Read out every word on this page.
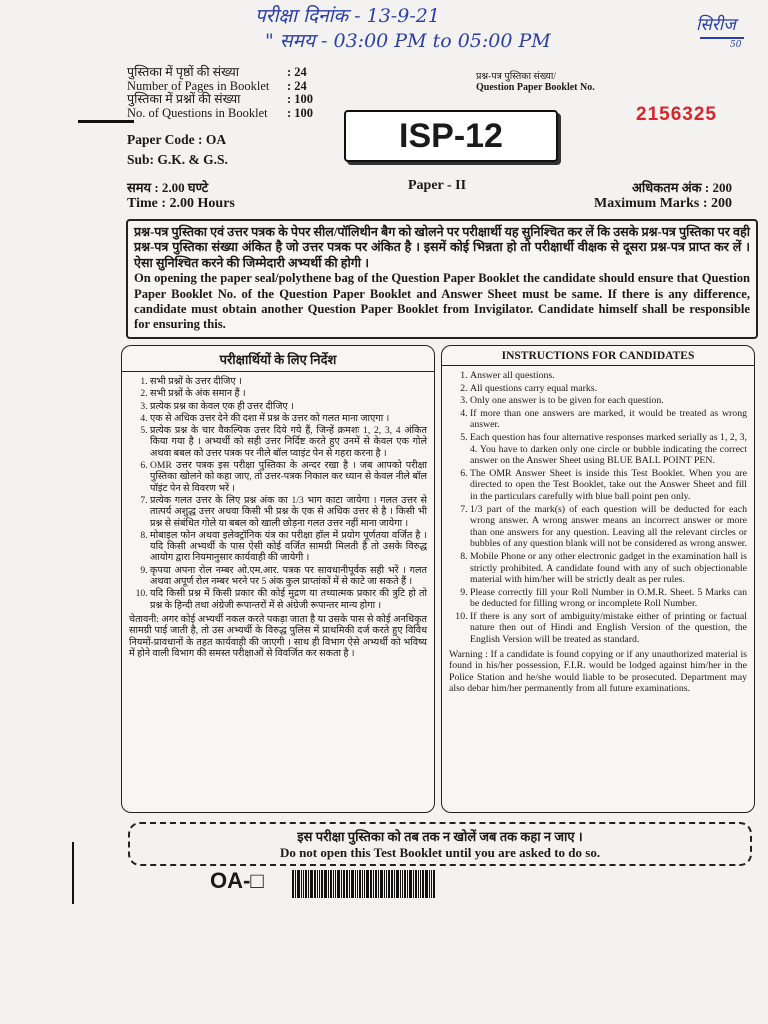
परीक्षा दिनांक - 13-9-21
" समय - 03:00 PM to 05:00 PM
सिरीज
50
पुस्तिका में पृष्ठों की संख्या	: 24
Number of Pages in Booklet	: 24
पुस्तिका में प्रश्नों की संख्या	: 100
No. of Questions in Booklet	: 100
Paper Code : OA
Sub: G.K. & G.S.
समय : 2.00 घण्टे
Time : 2.00 Hours
ISP-12
Paper - II
प्रश्न-पत्र पुस्तिका संख्या/
Question Paper Booklet No.
2156325
अधिकतम अंक : 200
Maximum Marks : 200
प्रश्न-पत्र पुस्तिका एवं उत्तर पत्रक के पेपर सील/पॉलिथीन बैग को खोलने पर परीक्षार्थी यह सुनिश्चित कर लें कि उसके प्रश्न-पत्र पुस्तिका पर वही प्रश्न-पत्र पुस्तिका संख्या अंकित है जो उत्तर पत्रक पर अंकित है । इसमें कोई भिन्नता हो तो परीक्षार्थी वीक्षक से दूसरा प्रश्न-पत्र प्राप्त कर लें । ऐसा सुनिश्चित करने की जिम्मेदारी अभ्यर्थी की होगी ।
On opening the paper seal/polythene bag of the Question Paper Booklet the candidate should ensure that Question Paper Booklet No. of the Question Paper Booklet and Answer Sheet must be same. If there is any difference, candidate must obtain another Question Paper Booklet from Invigilator. Candidate himself shall be responsible for ensuring this.
परीक्षार्थियों के लिए निर्देश
1. सभी प्रश्नों के उत्तर दीजिए ।
2. सभी प्रश्नों के अंक समान हैं ।
3. प्रत्येक प्रश्न का केवल एक ही उत्तर दीजिए ।
4. एक से अधिक उत्तर देने की दशा में प्रश्न के उत्तर को गलत माना जाएगा ।
5. प्रत्येक प्रश्न के चार वैकल्पिक उत्तर दिये गये हैं, जिन्हें क्रमशः 1, 2, 3, 4 अंकित किया गया है । अभ्यर्थी को सही उत्तर निर्दिष्ट करते हुए उनमें से केवल एक गोले अथवा बबल को उत्तर पत्रक पर नीले बॉल प्वाइंट पेन से गहरा करना है ।
6. OMR उत्तर पत्रक इस परीक्षा पुस्तिका के अन्दर रखा है । जब आपको परीक्षा पुस्तिका खोलने को कहा जाए, तो उत्तर-पत्रक निकाल कर ध्यान से केवल नीले बॉल पॉइंट पेन से विवरण भरें ।
7. प्रत्येक गलत उत्तर के लिए प्रश्न अंक का 1/3 भाग काटा जायेगा । गलत उत्तर से तात्पर्य अशुद्ध उत्तर अथवा किसी भी प्रश्न के एक से अधिक उत्तर से है । किसी भी प्रश्न से संबंधित गोले या बबल को खाली छोड़ना गलत उत्तर नहीं माना जायेगा ।
8. मोबाइल फोन अथवा इलेक्ट्रॉनिक यंत्र का परीक्षा हॉल में प्रयोग पूर्णतया वर्जित है । यदि किसी अभ्यर्थी के पास ऐसी कोई वर्जित सामग्री मिलती है तो उसके विरुद्ध आयोग द्वारा नियमानुसार कार्यवाही की जायेगी ।
9. कृपया अपना रोल नम्बर ओ.एम.आर. पत्रक पर सावधानीपूर्वक सही भरें । गलत अथवा अपूर्ण रोल नम्बर भरने पर 5 अंक कुल प्राप्तांकों में से काटे जा सकते हैं ।
10. यदि किसी प्रश्न में किसी प्रकार की कोई मुद्रण या तथ्यात्मक प्रकार की त्रुटि हो तो प्रश्न के हिन्दी तथा अंग्रेजी रूपान्तरों में से अंग्रेजी रूपान्तर मान्य होगा ।
चेतावनी: अगर कोई अभ्यर्थी नकल करते पकड़ा जाता है या उसके पास से कोई अनधिकृत सामग्री पाई जाती है, तो उस अभ्यर्थी के विरुद्ध पुलिस में प्राथमिकी दर्ज करते हुए विविध नियमों-प्रावधानों के तहत कार्यवाही की जाएगी । साथ ही विभाग ऐसे अभ्यर्थी को भविष्य में होने वाली विभाग की समस्त परीक्षाओं से विवर्जित कर सकता है ।
INSTRUCTIONS FOR CANDIDATES
1. Answer all questions.
2. All questions carry equal marks.
3. Only one answer is to be given for each question.
4. If more than one answers are marked, it would be treated as wrong answer.
5. Each question has four alternative responses marked serially as 1, 2, 3, 4. You have to darken only one circle or bubble indicating the correct answer on the Answer Sheet using BLUE BALL POINT PEN.
6. The OMR Answer Sheet is inside this Test Booklet. When you are directed to open the Test Booklet, take out the Answer Sheet and fill in the particulars carefully with blue ball point pen only.
7. 1/3 part of the mark(s) of each question will be deducted for each wrong answer. A wrong answer means an incorrect answer or more than one answers for any question. Leaving all the relevant circles or bubbles of any question blank will not be considered as wrong answer.
8. Mobile Phone or any other electronic gadget in the examination hall is strictly prohibited. A candidate found with any of such objectionable material with him/her will be strictly dealt as per rules.
9. Please correctly fill your Roll Number in O.M.R. Sheet. 5 Marks can be deducted for filling wrong or incomplete Roll Number.
10. If there is any sort of ambiguity/mistake either of printing or factual nature then out of Hindi and English Version of the question, the English Version will be treated as standard.
Warning : If a candidate is found copying or if any unauthorized material is found in his/her possession, F.I.R. would be lodged against him/her in the Police Station and he/she would liable to be prosecuted. Department may also debar him/her permanently from all future examinations.
इस परीक्षा पुस्तिका को तब तक न खोलें जब तक कहा न जाए ।
Do not open this Test Booklet until you are asked to do so.
OA-□
